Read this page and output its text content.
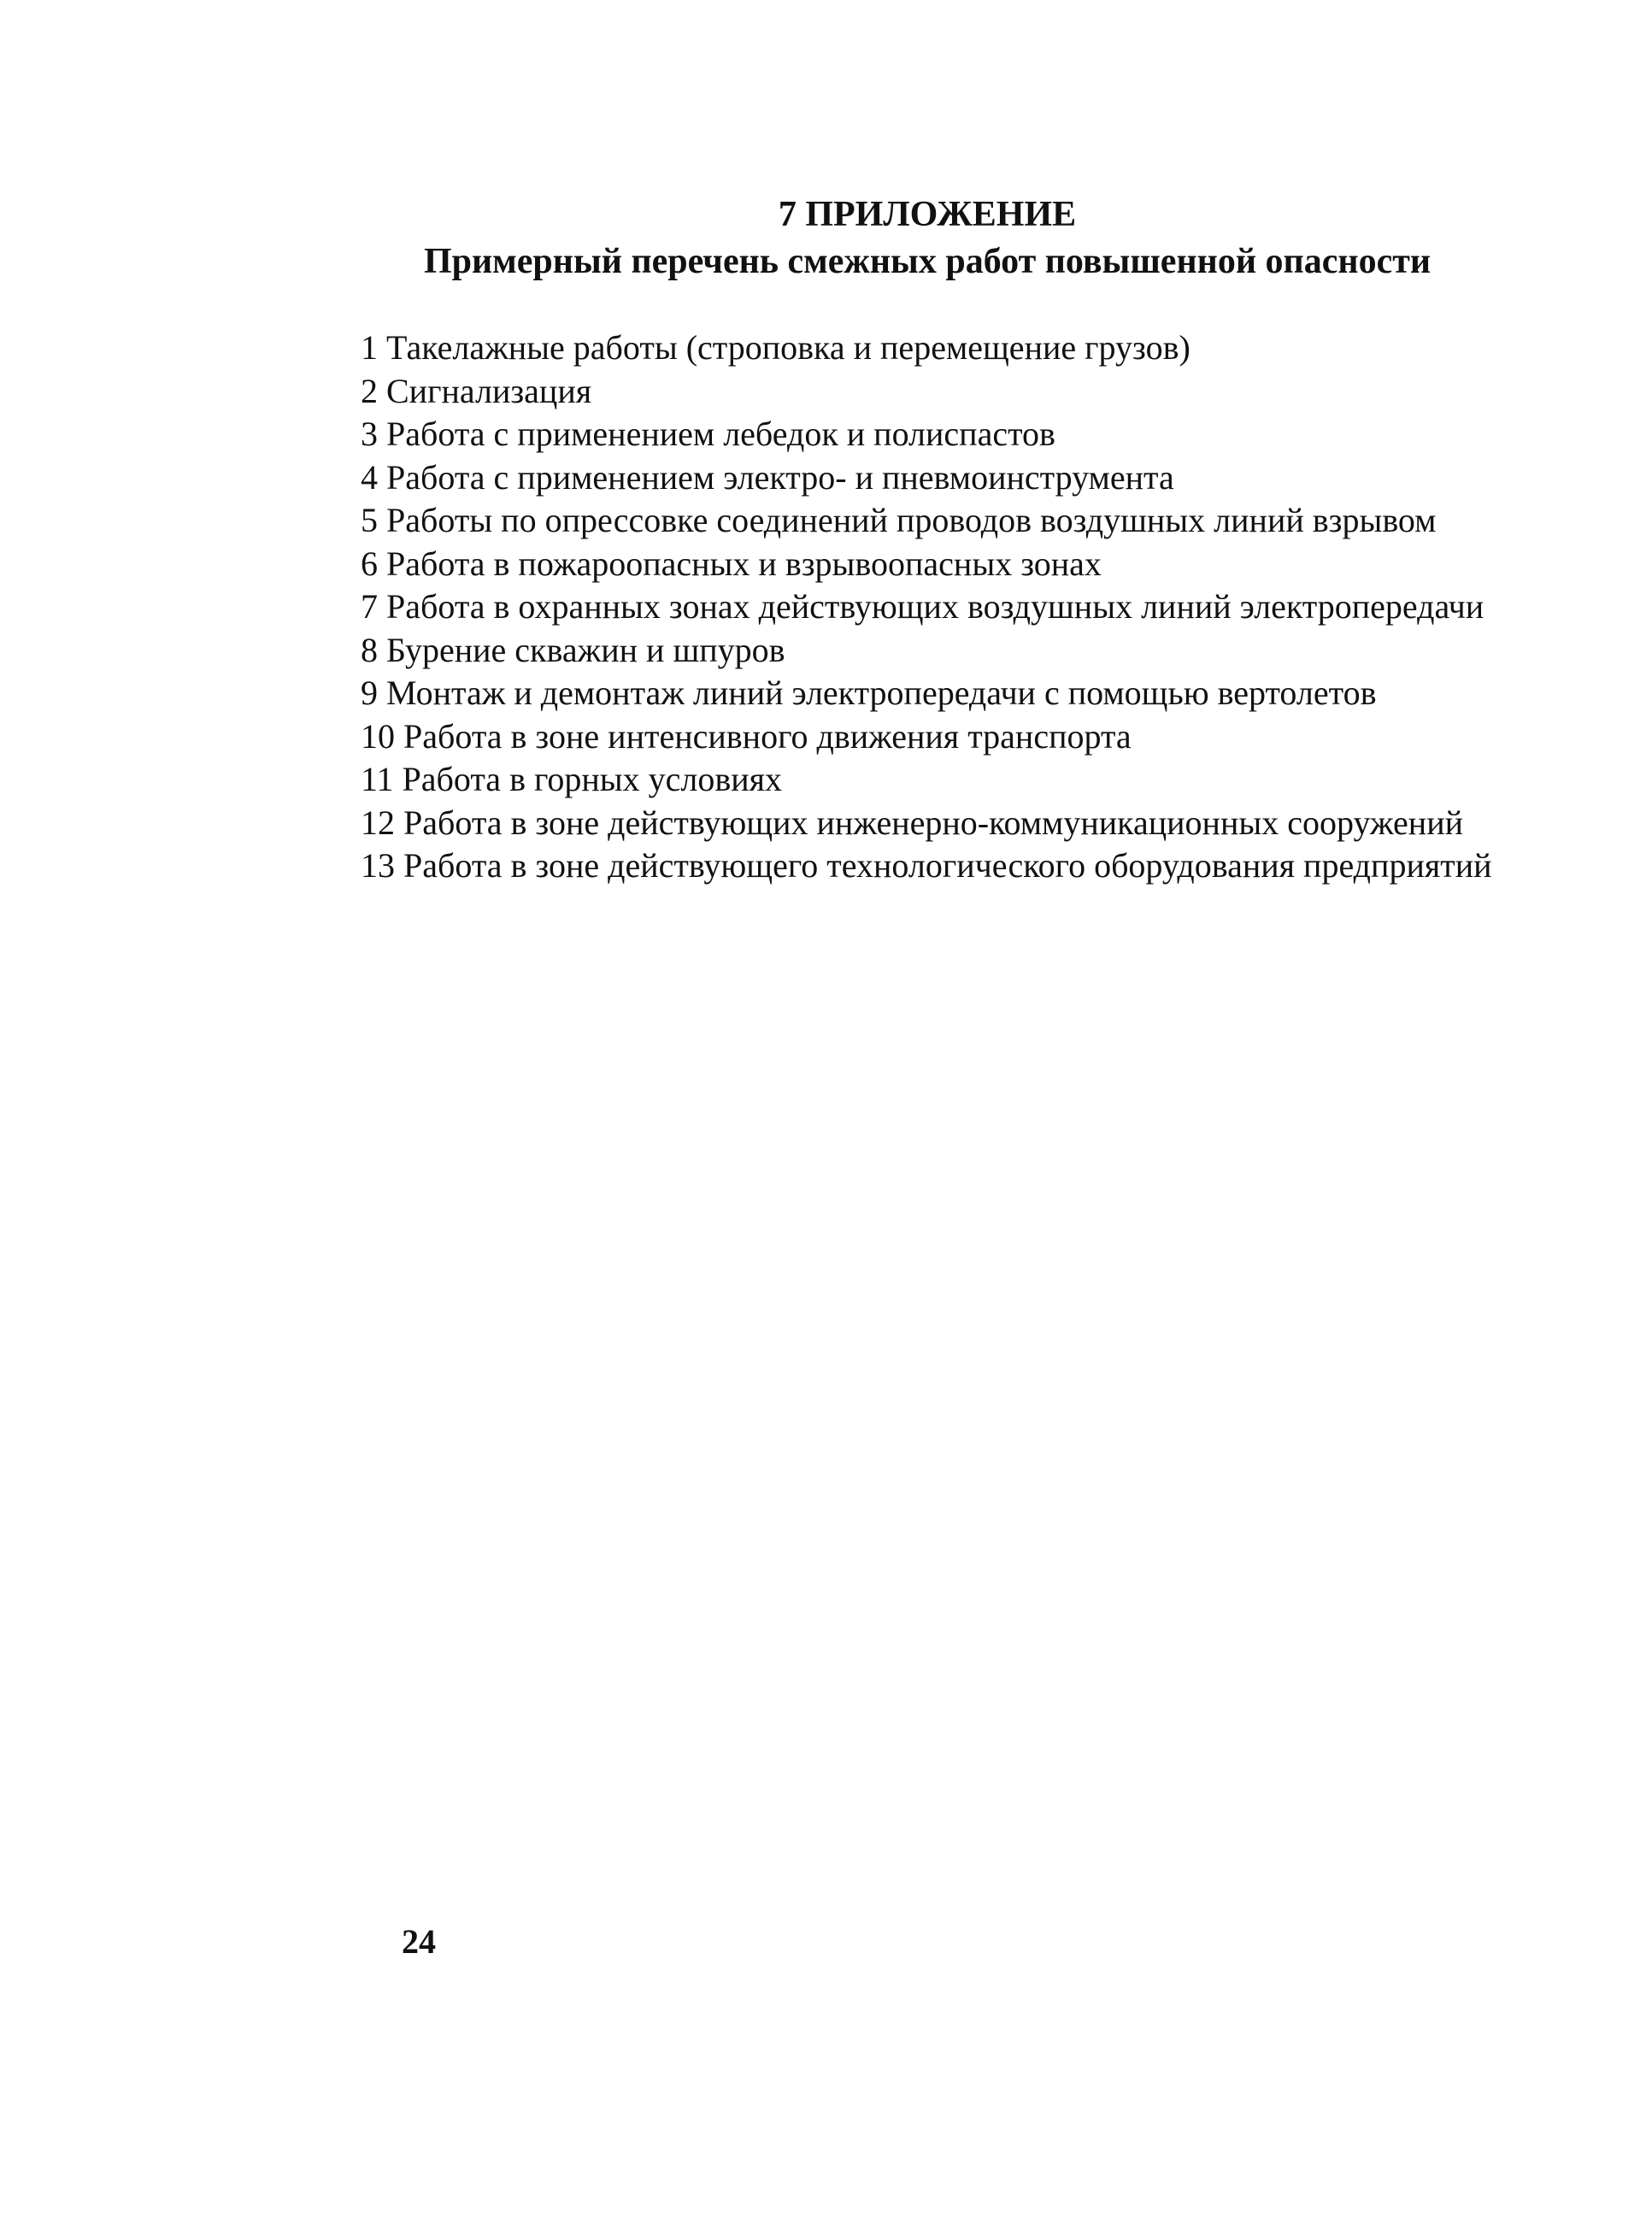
7 ПРИЛОЖЕНИЕ
Примерный перечень смежных работ повышенной опасности
1 Такелажные работы (строповка и перемещение грузов)
2 Сигнализация
3 Работа с применением лебедок и полиспастов
4 Работа с применением электро- и пневмоинструмента
5 Работы по опрессовке соединений проводов воздушных линий взрывом
6 Работа в пожароопасных и взрывоопасных зонах
7 Работа в охранных зонах действующих воздушных линий электропередачи
8 Бурение скважин и шпуров
9 Монтаж и демонтаж линий электропередачи с помощью вертолетов
10 Работа в зоне интенсивного движения транспорта
11 Работа в горных условиях
12 Работа в зоне действующих инженерно-коммуникационных сооружений
13 Работа в зоне действующего технологического оборудования предприятий
24
